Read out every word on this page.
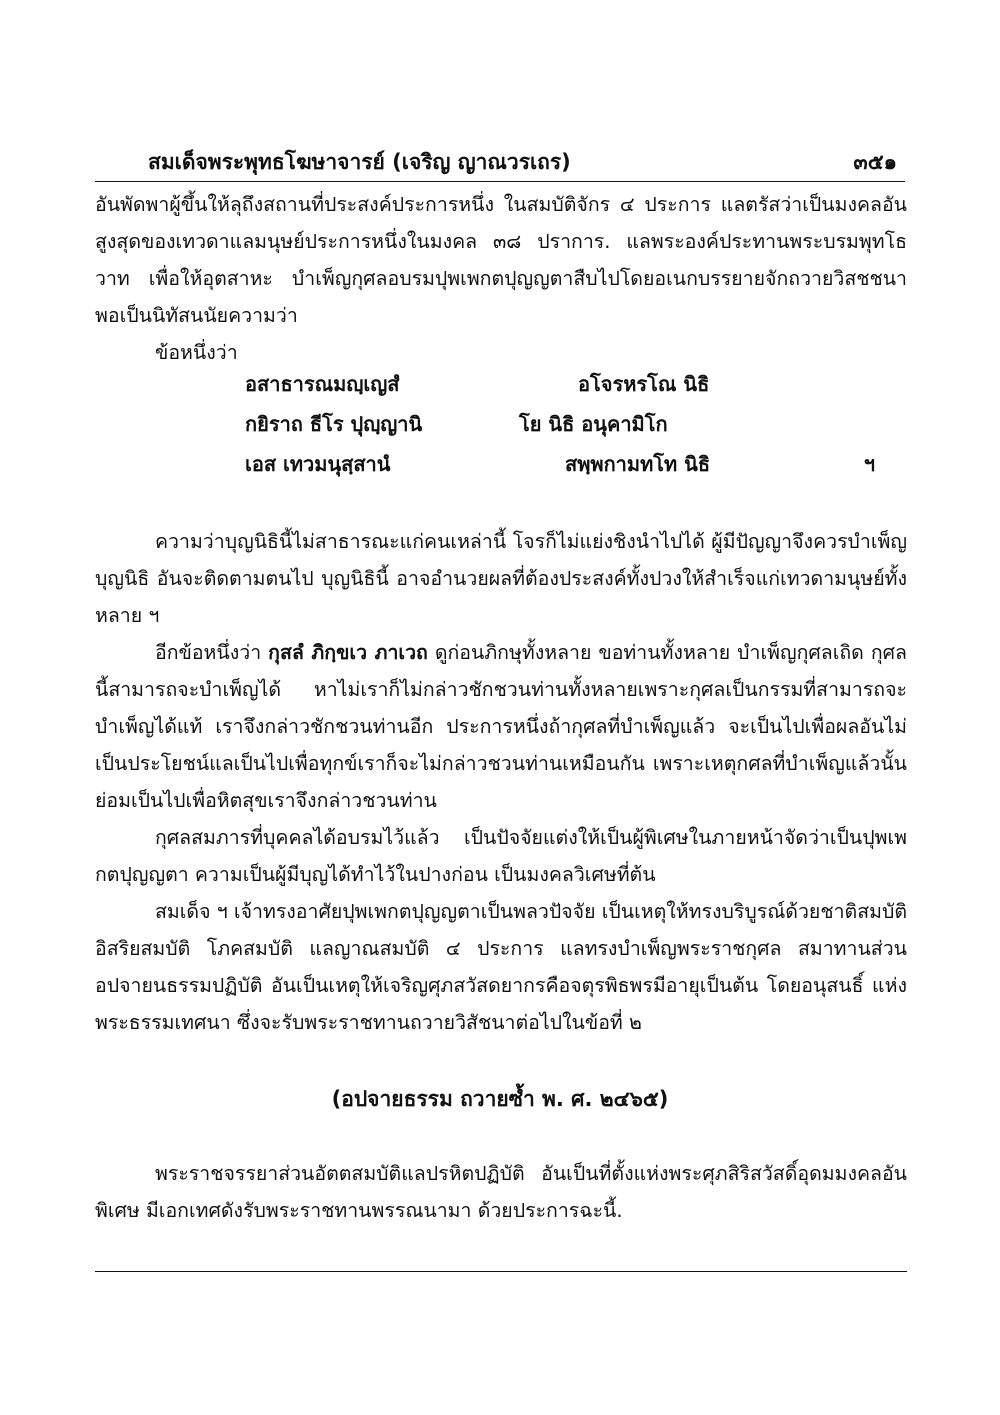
สมเด็จพระพุทธโฆษาจารย์ (เจริญ ญาณวรเถร)	๓๕๑

อันพัดพาผู้ขึ้นให้ลุถึงสถานที่ประสงค์ประการหนึ่ง ในสมบัติจักร ๔ ประการ แลตรัสว่าเป็นมงคลอันสูงสุดของเทวดาแลมนุษย์ประการหนึ่งในมงคล ๓๘ ปราการ. แลพระองค์ประทานพระบรมพุทโธวาท เพื่อให้อุตสาหะ บำเพ็ญกุศลอบรมปุพเพกตปุญญตาสืบไปโดยอเนกบรรยายจักถวายวิสชชนา พอเป็นนิทัสนนัยความว่า

ข้อหนึ่งว่า

อสาธารณมญฺเญสํ	อโจรหรโณ นิธิ
กยิราถ ธีโร ปุญฺญานิ	โย นิธิ อนุคามิโก
เอส เทวมนุสฺสานํ	สพฺพกามทโท นิธิ	ฯ

ความว่าบุญนิธินี้ไม่สาธารณะแก่คนเหล่านี้ โจรก็ไม่แย่งชิงนำไปได้ ผู้มีปัญญาจึงควรบำเพ็ญบุญนิธิ อันจะติดตามตนไป บุญนิธินี้ อาจอำนวยผลที่ต้องประสงค์ทั้งปวงให้สำเร็จแก่เทวดามนุษย์ทั้งหลาย ฯ

อีกข้อหนึ่งว่า กุสลํ ภิกฺขเว ภาเวถ ดูก่อนภิกษุทั้งหลาย ขอท่านทั้งหลาย บำเพ็ญกุศลเถิด กุศลนี้สามารถจะบำเพ็ญได้ หาไม่เราก็ไม่กล่าวชักชวนท่านทั้งหลายเพราะกุศลเป็นกรรมที่สามารถจะบำเพ็ญได้แท้ เราจึงกล่าวชักชวนท่านอีก ประการหนึ่งถ้ากุศลที่บำเพ็ญแล้ว จะเป็นไปเพื่อผลอันไม่เป็นประโยชน์แลเป็นไปเพื่อทุกข์เราก็จะไม่กล่าวชวนท่านเหมือนกัน เพราะเหตุกศลที่บำเพ็ญแล้วนั้น ย่อมเป็นไปเพื่อหิตสุขเราจึงกล่าวชวนท่าน

กุศลสมภารที่บุคคลได้อบรมไว้แล้ว เป็นปัจจัยแต่งให้เป็นผู้พิเศษในภายหน้าจัดว่าเป็นปุพเพกตปุญญตา ความเป็นผู้มีบุญได้ทำไว้ในปางก่อน เป็นมงคลวิเศษที่ต้น

สมเด็จ ฯ เจ้าทรงอาศัยปุพเพกตปุญญตาเป็นพลวปัจจัย เป็นเหตุให้ทรงบริบูรณ์ด้วยชาติสมบัติ อิสริยสมบัติ โภคสมบัติ แลญาณสมบัติ ๔ ประการ แลทรงบำเพ็ญพระราชกุศล สมาทานส่วนอปจายนธรรมปฏิบัติ อันเป็นเหตุให้เจริญศุภสวัสดยากรคือจตุรพิธพรมีอายุเป็นต้น โดยอนุสนธิ์ แห่งพระธรรมเทศนา ซึ่งจะรับพระราชทานถวายวิสัชนาต่อไปในข้อที่ ๒

(อปจายธรรม ถวายซ้ำ พ. ศ. ๒๔๖๕)

พระราชจรรยาส่วนอัตตสมบัติแลปรหิตปฏิบัติ อันเป็นที่ตั้งแห่งพระศุภสิริสวัสดิ์อุดมมงคลอันพิเศษ มีเอกเทศดังรับพระราชทานพรรณนามา ด้วยประการฉะนี้.
